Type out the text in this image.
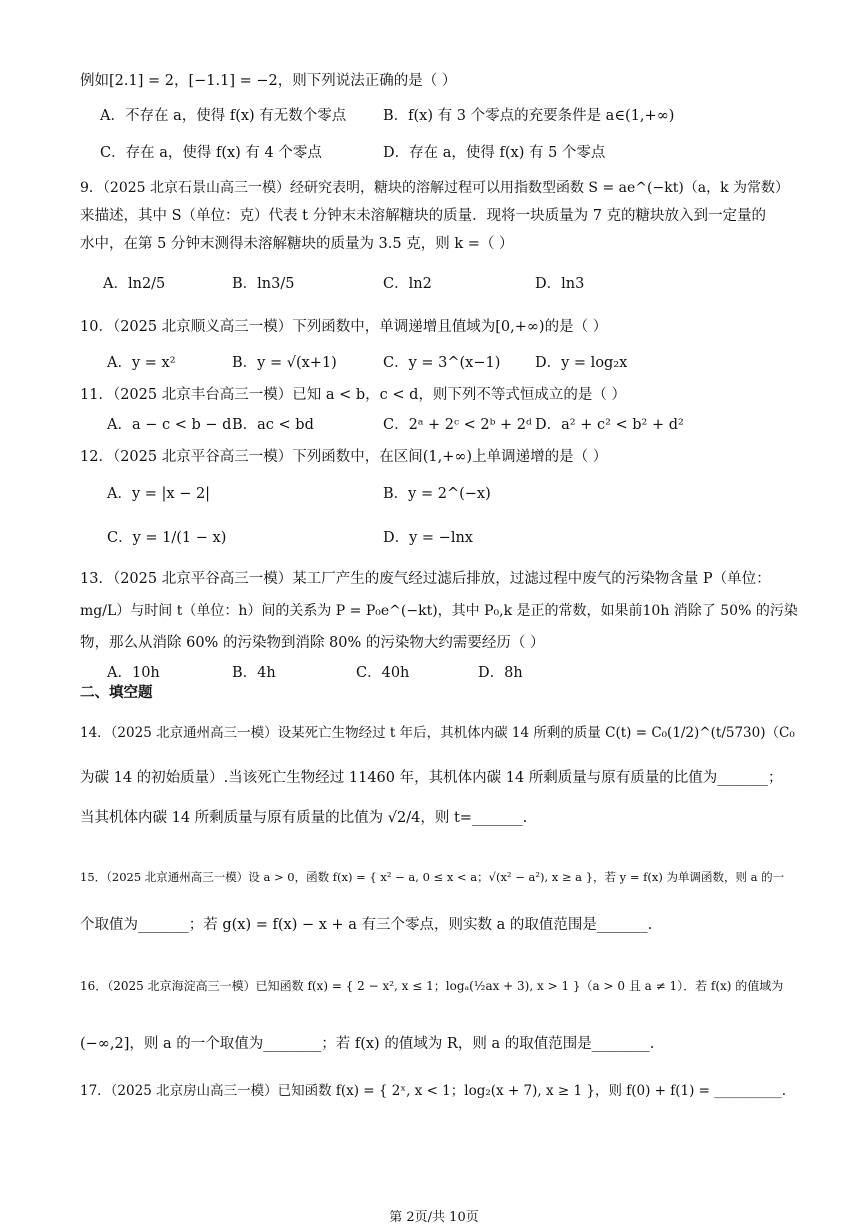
例如[2.1] = 2，[−1.1] = −2，则下列说法正确的是（ ）
A．不存在 a，使得 f(x) 有无数个零点	B．f(x) 有 3 个零点的充要条件是 a∈(1,+∞)
C．存在 a，使得 f(x) 有 4 个零点	D．存在 a，使得 f(x) 有 5 个零点
9．（2025 北京石景山高三一模）经研究表明，糖块的溶解过程可以用指数型函数 S = ae^(−kt)（a，k 为常数）
来描述，其中 S（单位：克）代表 t 分钟末未溶解糖块的质量．现将一块质量为 7 克的糖块放入到一定量的
水中，在第 5 分钟末测得未溶解糖块的质量为 3.5 克，则 k =（ ）
A．ln2/5	B．ln3/5	C．ln2	D．ln3
10．（2025 北京顺义高三一模）下列函数中，单调递增且值域为[0,+∞)的是（ ）
A．y = x²	B．y = √(x+1)	C．y = 3^(x−1) D．y = log₂x
11．（2025 北京丰台高三一模）已知 a < b，c < d，则下列不等式恒成立的是（ ）
A．a − c < b − d B．ac < bd	C．2ᵃ + 2ᶜ < 2ᵇ + 2ᵈ D．a² + c² < b² + d²
12．（2025 北京平谷高三一模）下列函数中，在区间(1,+∞)上单调递增的是（ ）
A．y = |x − 2|	B．y = 2^(−x)
C．y = 1/(1 − x)	D．y = −lnx
13．（2025 北京平谷高三一模）某工厂产生的废气经过滤后排放，过滤过程中废气的污染物含量 P（单位：
mg/L）与时间 t（单位：h）间的关系为 P = P₀e^(−kt)，其中 P₀,k 是正的常数，如果前10h 消除了 50% 的污染
物，那么从消除 60% 的污染物到消除 80% 的污染物大约需要经历（ ）
A．10h	B．4h	C．40h	D．8h
二、填空题
14．（2025 北京通州高三一模）设某死亡生物经过 t 年后，其机体内碳 14 所剩的质量 C(t) = C₀(1/2)^(t/5730)（C₀
为碳 14 的初始质量）.当该死亡生物经过 11460 年，其机体内碳 14 所剩质量与原有质量的比值为_______；
当其机体内碳 14 所剩质量与原有质量的比值为 √2/4，则 t=_______.
15．（2025 北京通州高三一模）设 a > 0，函数 f(x) = { x² − a, 0 ≤ x < a；√(x² − a²), x ≥ a }，若 y = f(x) 为单调函数，则 a 的一
个取值为_______；若 g(x) = f(x) − x + a 有三个零点，则实数 a 的取值范围是_______.
16．（2025 北京海淀高三一模）已知函数 f(x) = { 2 − x², x ≤ 1；logₐ(½ax + 3), x > 1 }（a > 0 且 a ≠ 1）．若 f(x) 的值域为
(−∞,2]，则 a 的一个取值为________；若 f(x) 的值域为 R，则 a 的取值范围是________.
17．（2025 北京房山高三一模）已知函数 f(x) = { 2ˣ, x < 1；log₂(x + 7), x ≥ 1 }，则 f(0) + f(1) = __________.
第 2页/共 10页
